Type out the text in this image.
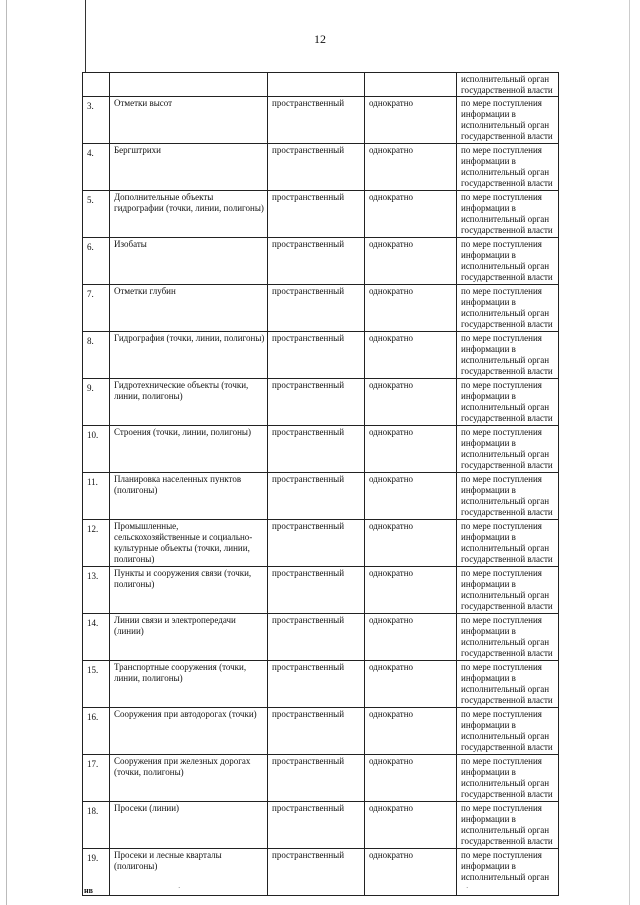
12
				исполнительный орган государственной власти
3.	Отметки высот	пространственный	однократно	по мере поступления информации в исполнительный орган государственной власти
4.	Бергштрихи	пространственный	однократно	по мере поступления информации в исполнительный орган государственной власти
5.	Дополнительные объекты гидрографии (точки, линии, полигоны)	пространственный	однократно	по мере поступления информации в исполнительный орган государственной власти
6.	Изобаты	пространственный	однократно	по мере поступления информации в исполнительный орган государственной власти
7.	Отметки глубин	пространственный	однократно	по мере поступления информации в исполнительный орган государственной власти
8.	Гидрография (точки, линии, полигоны)	пространственный	однократно	по мере поступления информации в исполнительный орган государственной власти
9.	Гидротехнические объекты (точки, линии, полигоны)	пространственный	однократно	по мере поступления информации в исполнительный орган государственной власти
10.	Строения (точки, линии, полигоны)	пространственный	однократно	по мере поступления информации в исполнительный орган государственной власти
11.	Планировка населенных пунктов (полигоны)	пространственный	однократно	по мере поступления информации в исполнительный орган государственной власти
12.	Промышленные, сельскохозяйственные и социально-культурные объекты (точки, линии, полигоны)	пространственный	однократно	по мере поступления информации в исполнительный орган государственной власти
13.	Пункты и сооружения связи (точки, полигоны)	пространственный	однократно	по мере поступления информации в исполнительный орган государственной власти
14.	Линии связи и электропередачи (линии)	пространственный	однократно	по мере поступления информации в исполнительный орган государственной власти
15.	Транспортные сооружения (точки, линии, полигоны)	пространственный	однократно	по мере поступления информации в исполнительный орган государственной власти
16.	Сооружения при автодорогах (точки)	пространственный	однократно	по мере поступления информации в исполнительный орган государственной власти
17.	Сооружения при железных дорогах (точки, полигоны)	пространственный	однократно	по мере поступления информации в исполнительный орган государственной власти
18.	Просеки (линии)	пространственный	однократно	по мере поступления информации в исполнительный орган государственной власти
19.	Просеки и лесные кварталы (полигоны)	пространственный	однократно	по мере поступления информации в исполнительный орган
нв	·	·
